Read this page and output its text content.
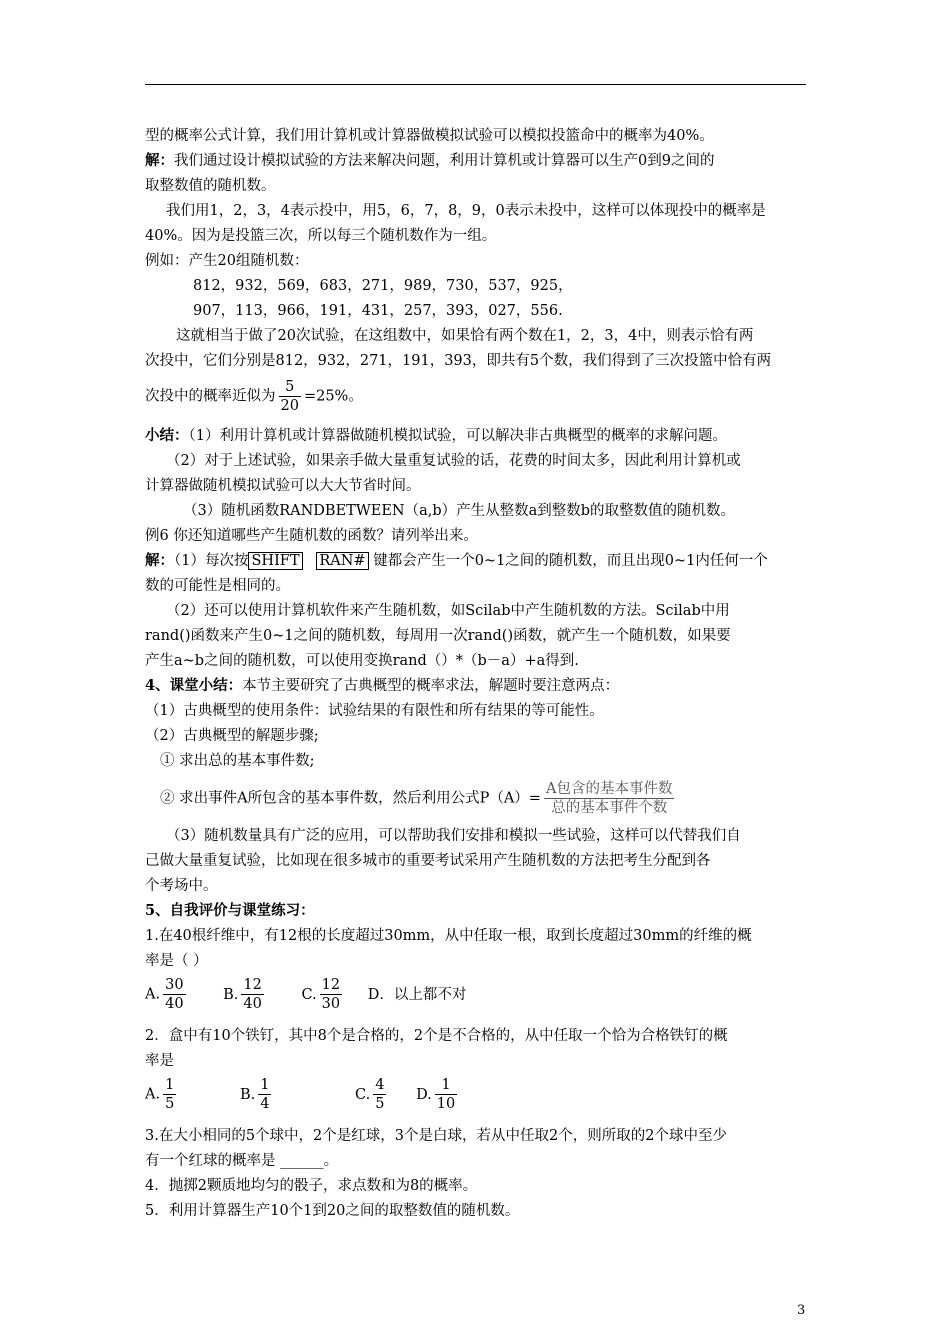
型的概率公式计算，我们用计算机或计算器做模拟试验可以模拟投篮命中的概率为40%。
解：我们通过设计模拟试验的方法来解决问题，利用计算机或计算器可以生产0到9之间的
取整数值的随机数。
我们用1，2，3，4表示投中，用5，6，7，8，9，0表示未投中，这样可以体现投中的概率是
40%。因为是投篮三次，所以每三个随机数作为一组。
例如：产生20组随机数：
812，932，569，683，271，989，730，537，925，
907，113，966，191，431，257，393，027，556.
这就相当于做了20次试验，在这组数中，如果恰有两个数在1，2，3，4中，则表示恰有两
次投中，它们分别是812，932，271，191，393，即共有5个数，我们得到了三次投篮中恰有两
次投中的概率近似为 $\frac{5}{20} =25\%$。
小结：（1）利用计算机或计算器做随机模拟试验，可以解决非古典概型的概率的求解问题。
（2）对于上述试验，如果亲手做大量重复试验的话，花费的时间太多，因此利用计算机或
计算器做随机模拟试验可以大大节省时间。
（3）随机函数RANDBETWEEN（a,b）产生从整数a到整数b的取整数值的随机数。
例6 你还知道哪些产生随机数的函数？请列举出来。
解：（1）每次按 SHIFT RAN# 键都会产生一个0~1之间的随机数，而且出现0~1内任何一个
数的可能性是相同的。
（2）还可以使用计算机软件来产生随机数，如Scilab中产生随机数的方法。Scilab中用
rand()函数来产生0~1之间的随机数，每周用一次rand()函数，就产生一个随机数，如果要
产生a~b之间的随机数，可以使用变换rand（）*（b－a）+a得到.
4、课堂小结：本节主要研究了古典概型的概率求法，解题时要注意两点：
（1）古典概型的使用条件：试验结果的有限性和所有结果的等可能性。
（2）古典概型的解题步骤;
① 求出总的基本事件数;
② 求出事件A所包含的基本事件数，然后利用公式$P(A)= \frac{\text{A包含的基本事件数}}{\text{总的基本事件个数}}$
（3）随机数量具有广泛的应用，可以帮助我们安排和模拟一些试验，这样可以代替我们自
己做大量重复试验，比如现在很多城市的重要考试采用产生随机数的方法把考生分配到各
个考场中。
5、自我评价与课堂练习：
1.在40根纤维中，有12根的长度超过30mm，从中任取一根，取到长度超过30mm的纤维的概
率是（ ）
A. $\frac{30}{40}$	B. $\frac{12}{40}$	C. $\frac{12}{30}$ D．以上都不对
2．盒中有10个铁钉，其中8个是合格的，2个是不合格的，从中任取一个恰为合格铁钉的概
率是
A. $\frac{1}{5}$	B. $\frac{1}{4}$	C. $\frac{4}{5} D$. $\frac{1}{10}$
3.在大小相同的5个球中，2个是红球，3个是白球，若从中任取2个，则所取的2个球中至少
有一个红球的概率是 ______。
4．抛掷2颗质地均匀的骰子，求点数和为8的概率。
5．利用计算器生产10个1到20之间的取整数值的随机数。
3
